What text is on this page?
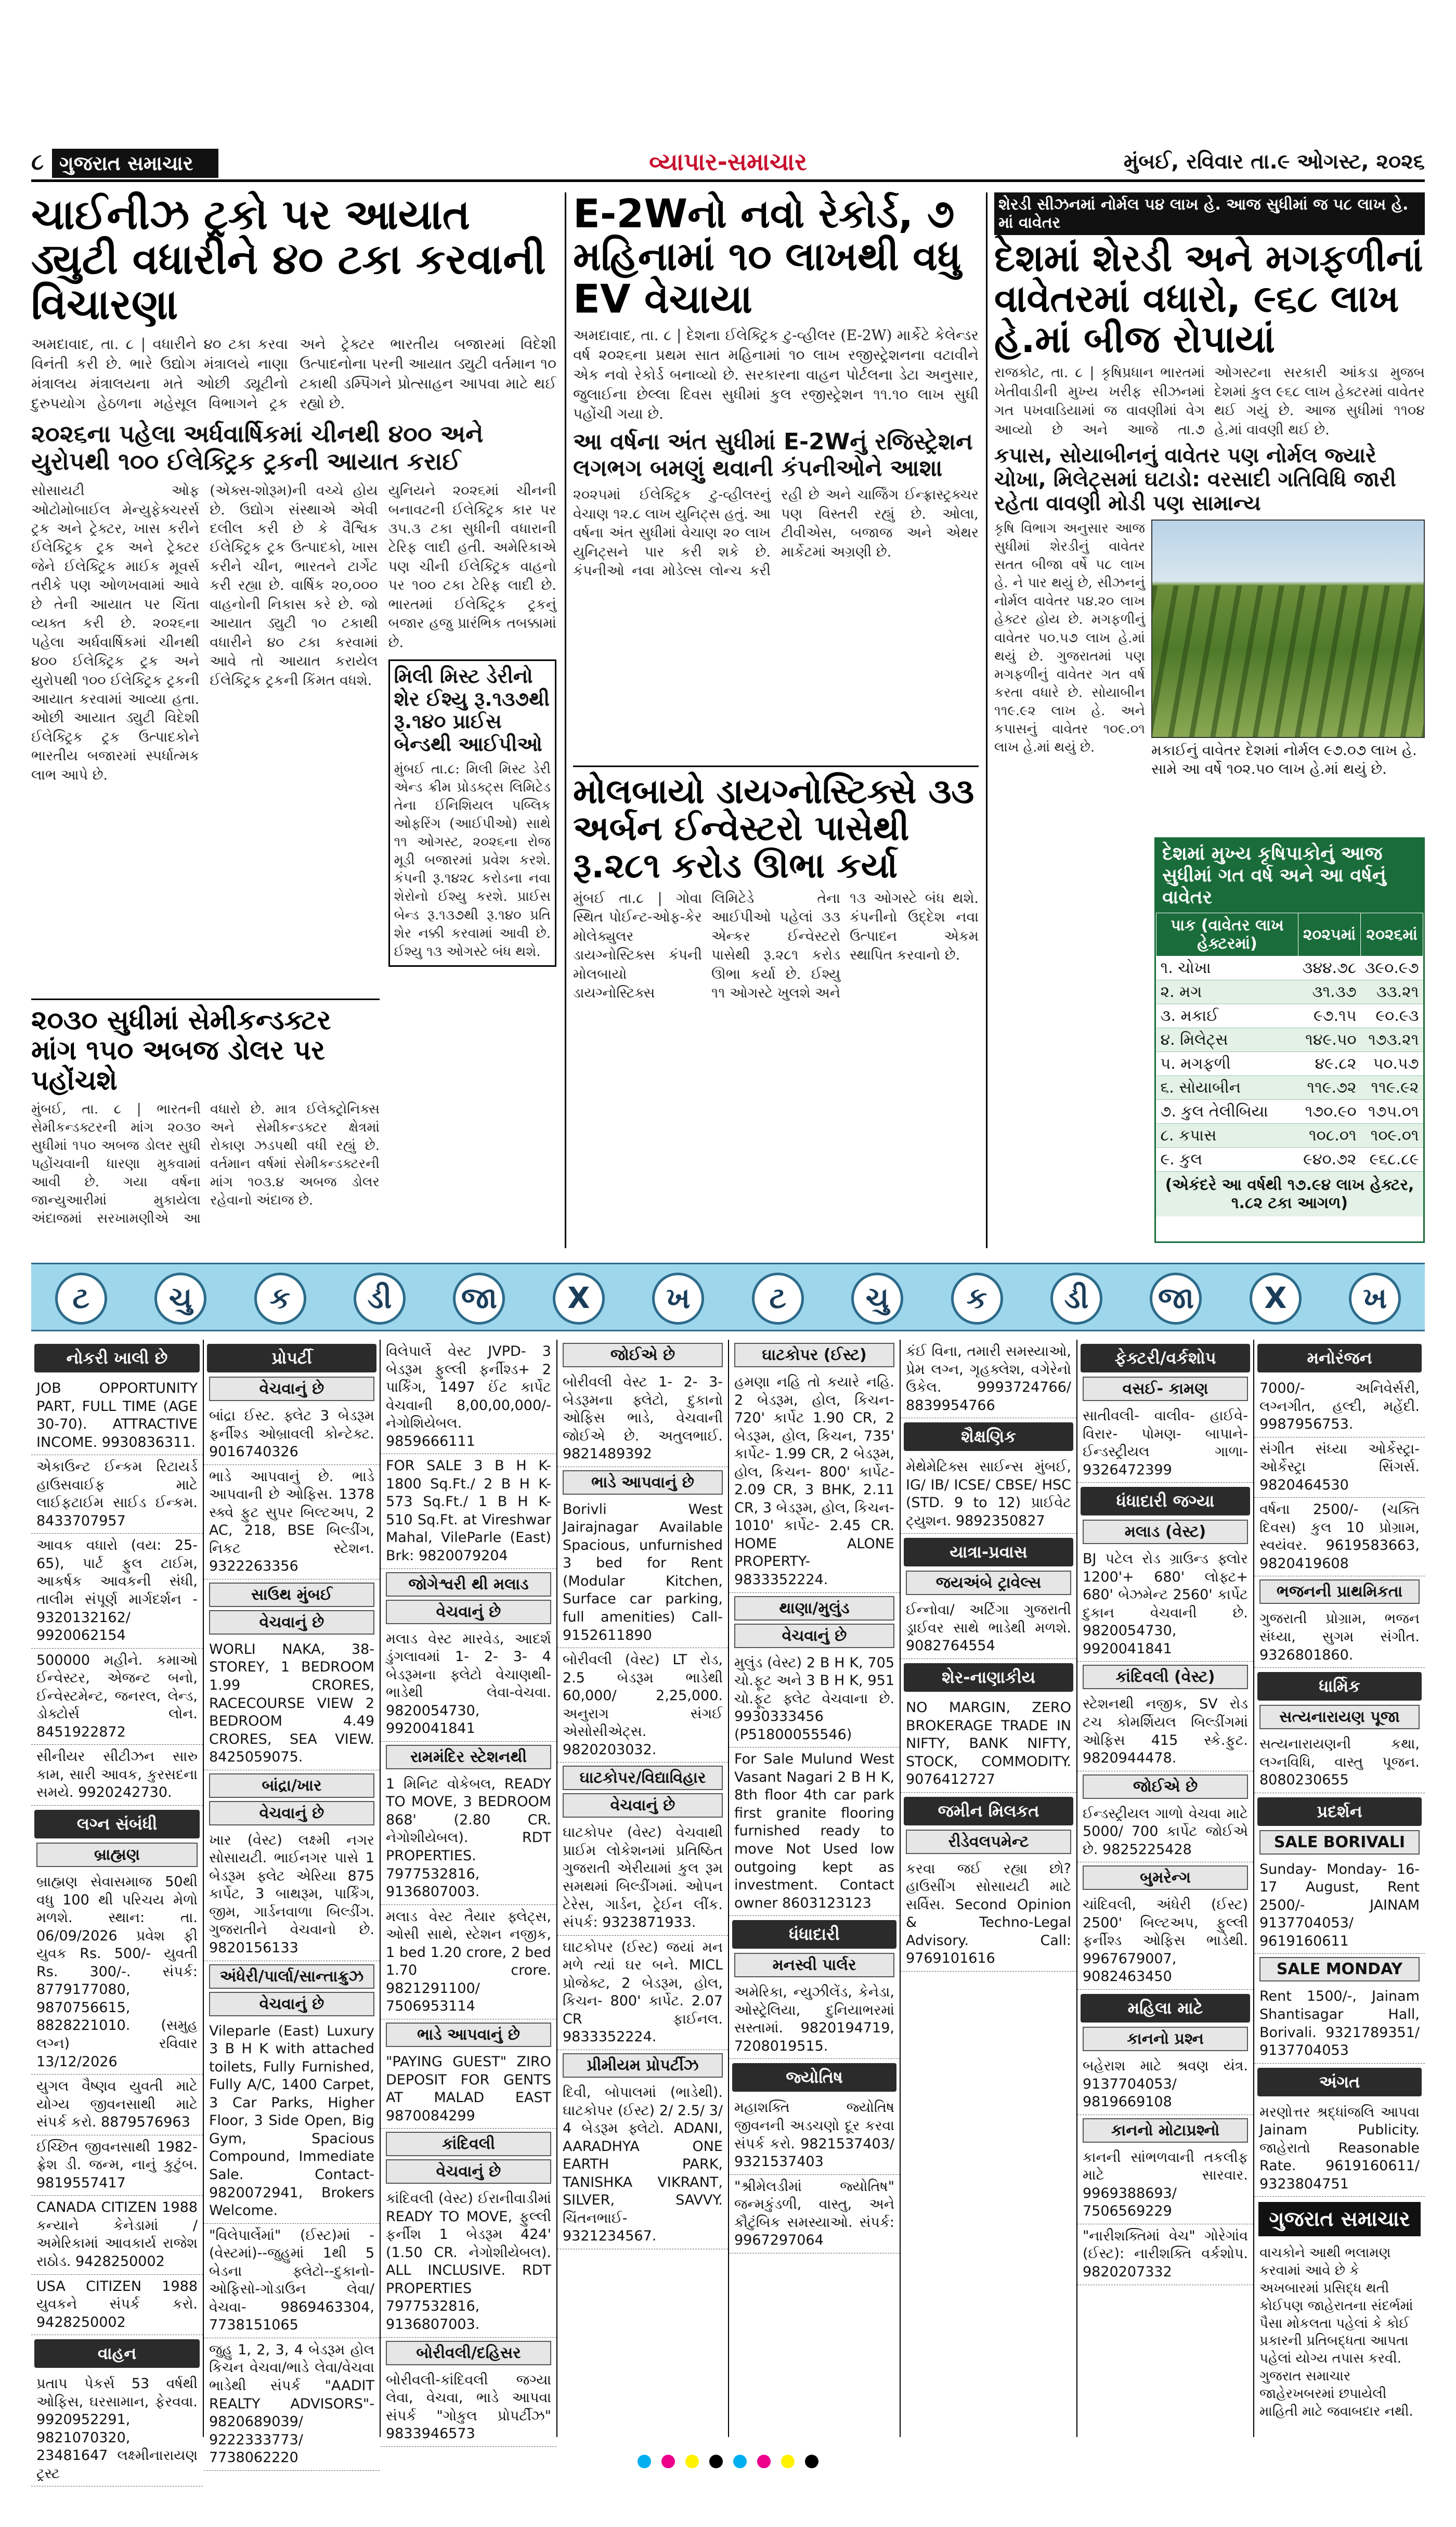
૮ ગુજરાત સમાચાર	વ્યાપાર-સમાચાર	મુંબઈ, રવિવાર તા.૯ ઓગસ્ટ, ૨૦૨૬
ચાઈનીઝ ટ્રકો પર આયાત ડ્યુટી વધારીને ૪૦ ટકા કરવાની વિચારણા
અમદાવાદ, તા. ૮ | વધારીને ૪૦ ટકા કરવા વિનંતી કરી છે. ભારે ઉદ્યોગ મંત્રાલયે નાણા મંત્રાલય મંત્રાલયના મતે ઓછી ડ્યૂટીનો દુરુપયોગ હેઠળના મહેસૂલ વિભાગને ટ્રક અને ટ્રેક્ટર ભારતીય બજારમાં વિદેશી ઉત્પાદનોના પરની આયાત ડ્યુટી વર્તમાન ૧૦ ટકાથી ડમ્પિંગને પ્રોત્સાહન આપવા માટે થઈ રહ્યો છે.
૨૦૨૬ના પહેલા અર્ધવાર્ષિકમાં ચીનથી ૪૦૦ અને યુરોપથી ૧૦૦ ઈલેક્ટ્રિક ટ્રકની આયાત કરાઈ
સોસાયટી ઓફ ઓટોમોબાઈલ મેન્યુફેક્ચરર્સ ટ્રક અને ટ્રેક્ટર, ખાસ કરીને ઈલેક્ટ્રિક ટ્રક અને ટ્રેક્ટર જેને ઈલેક્ટ્રિક માઈક મૂવર્સ તરીકે પણ ઓળખવામાં આવે છે તેની આયાત પર ચિંતા વ્યક્ત કરી છે. ૨૦૨૬ના પહેલા અર્ધવાર્ષિકમાં ચીનથી ૪૦૦ ઈલેક્ટ્રિક ટ્રક અને યુરોપથી ૧૦૦ ઈલેક્ટ્રિક ટ્રકની આયાત કરવામાં આવ્યા હતા. ઓછી આયાત ડ્યુટી વિદેશી ઈલેક્ટ્રિક ટ્રક ઉત્પાદકોને ભારતીય બજારમાં સ્પર્ધાત્મક લાભ આપે છે.
(એક્સ-શોરૂમ)ની વચ્ચે હોય છે. ઉદ્યોગ સંસ્થાએ એવી દલીલ કરી છે કે વૈશ્વિક ઈલેક્ટ્રિક ટ્રક ઉત્પાદકો, ખાસ કરીને ચીન, ભારતને ટાર્ગેટ કરી રહ્યા છે. વાર્ષિક ૨૦,૦૦૦ વાહનોની નિકાસ કરે છે. જો આયાત ડ્યુટી ૧૦ ટકાથી વધારીને ૪૦ ટકા કરવામાં આવે તો આયાત કરાયેલ ઈલેક્ટ્રિક ટ્રકની કિંમત વધશે.
યુનિયને ૨૦૨૬માં ચીનની બનાવટની ઈલેક્ટ્રિક કાર પર ૩૫.૩ ટકા સુધીની વધારાની ટેરિફ લાદી હતી. અમેરિકાએ પણ ચીની ઈલેક્ટ્રિક વાહનો પર ૧૦૦ ટકા ટેરિફ લાદી છે. ભારતમાં ઈલેક્ટ્રિક ટ્રકનું બજાર હજુ પ્રારંભિક તબક્કામાં છે.
મિલી મિસ્ટ ડેરીનો શેર ઈશ્યુ રૂ.૧૩૭થી રૂ.૧૪૦ પ્રાઈસ બેન્ડથી આઈપીઓ
મુંબઈ તા.૮: મિલી મિસ્ટ ડેરી એન્ડ ક્રીમ પ્રોડક્ટ્સ લિમિટેડ તેના ઈનિશિયલ પબ્લિક ઓફરિંગ (આઈપીઓ) સાથે ૧૧ ઓગસ્ટ, ૨૦૨૬ના રોજ મૂડી બજારમાં પ્રવેશ કરશે. કંપની રૂ.૧૪૨૮ કરોડના નવા શેરોનો ઈશ્યુ કરશે. પ્રાઈસ બેન્ડ રૂ.૧૩૭થી રૂ.૧૪૦ પ્રતિ શેર નક્કી કરવામાં આવી છે. ઈશ્યુ ૧૩ ઓગસ્ટે બંધ થશે.
૨૦૩૦ સુધીમાં સેમીકન્ડક્ટર માંગ ૧૫૦ અબજ ડોલર પર પહોંચશે
મુંબઈ, તા. ૮ | ભારતની સેમીકન્ડક્ટરની માંગ ૨૦૩૦ સુધીમાં ૧૫૦ અબજ ડોલર સુધી પહોંચવાની ધારણા મુકવામાં આવી છે. ગયા વર્ષના જાન્યુઆરીમાં મુકાયેલા અંદાજમાં સરખામણીએ આ વધારો છે. માત્ર ઈલેક્ટ્રોનિક્સ અને સેમીકન્ડક્ટર ક્ષેત્રમાં રોકાણ ઝડપથી વધી રહ્યું છે. વર્તમાન વર્ષમાં સેમીકન્ડક્ટરની માંગ ૧૦૩.૪ અબજ ડોલર રહેવાનો અંદાજ છે.
E-2Wનો નવો રેકોર્ડ, ૭ મહિનામાં ૧૦ લાખથી વધુ EV વેચાયા
અમદાવાદ, તા. ૮ | દેશના ઈલેક્ટ્રિક ટુ-વ્હીલર (E-2W) માર્કેટે કેલેન્ડર વર્ષ ૨૦૨૬ના પ્રથમ સાત મહિનામાં ૧૦ લાખ રજીસ્ટ્રેશનના વટાવીને એક નવો રેકોર્ડ બનાવ્યો છે. સરકારના વાહન પોર્ટલના ડેટા અનુસાર, જુલાઈના છેલ્લા દિવસ સુધીમાં કુલ રજીસ્ટ્રેશન ૧૧.૧૦ લાખ સુધી પહોંચી ગયા છે.
આ વર્ષના અંત સુધીમાં E-2Wનું રજિસ્ટ્રેશન લગભગ બમણું થવાની કંપનીઓને આશા
૨૦૨૫માં ઈલેક્ટ્રિક ટુ-વ્હીલરનું વેચાણ ૧૨.૮ લાખ યુનિટ્સ હતું. આ વર્ષના અંત સુધીમાં વેચાણ ૨૦ લાખ યુનિટ્સને પાર કરી શકે છે. કંપનીઓ નવા મોડેલ્સ લોન્ચ કરી રહી છે અને ચાર્જિંગ ઈન્ફ્રાસ્ટ્રક્ચર પણ વિસ્તરી રહ્યું છે. ઓલા, ટીવીએસ, બજાજ અને એથર માર્કેટમાં અગ્રણી છે.
મોલબાયો ડાયગ્નોસ્ટિક્સે ૩૩ અર્બન ઈન્વેસ્ટરો પાસેથી રૂ.૨૮૧ કરોડ ઊભા કર્યા
મુંબઈ તા.૮ | ગોવા સ્થિત પોઈન્ટ-ઓફ-કેર મોલેક્યુલર ડાયગ્નોસ્ટિક્સ કંપની મોલબાયો ડાયગ્નોસ્ટિક્સ લિમિટેડે તેના આઈપીઓ પહેલાં ૩૩ એન્કર ઈન્વેસ્ટરો પાસેથી રૂ.૨૮૧ કરોડ ઊભા કર્યા છે. ઈશ્યુ ૧૧ ઓગસ્ટે ખુલશે અને ૧૩ ઓગસ્ટે બંધ થશે. કંપનીનો ઉદ્દેશ નવા ઉત્પાદન એકમ સ્થાપિત કરવાનો છે.
શેરડી સીઝનમાં નોર્મલ ૫૪ લાખ હે. આજ સુધીમાં જ ૫૮ લાખ હે. માં વાવેતર
દેશમાં શેરડી અને મગફળીનાં વાવેતરમાં વધારો, ૯૬૮ લાખ હે.માં બીજ રોપાયાં
રાજકોટ, તા. ૮ | કૃષિપ્રધાન ભારતમાં ખેતીવાડીની મુખ્ય ખરીફ સીઝનમાં ગત પખવાડિયામાં જ વાવણીમાં વેગ આવ્યો છે અને આજે તા.૭ ઓગસ્ટના સરકારી આંકડા મુજબ દેશમાં કુલ ૯૬૮ લાખ હેક્ટરમાં વાવેતર થઈ ગયું છે. આજ સુધીમાં ૧૧૦૪ હે.માં વાવણી થઈ છે.
કપાસ, સોયાબીનનું વાવેતર પણ નોર્મલ જ્યારે ચોખા, મિલેટ્સમાં ઘટાડો: વરસાદી ગતિવિધિ જારી રહેતા વાવણી મોડી પણ સામાન્ય
કૃષિ વિભાગ અનુસાર આજ સુધીમાં શેરડીનું વાવેતર સતત બીજા વર્ષે ૫૮ લાખ હે. ને પાર થયું છે, સીઝનનું નોર્મલ વાવેતર ૫૪.૨૦ લાખ હેક્ટર હોય છે. મગફળીનું વાવેતર ૫૦.૫૭ લાખ હે.માં થયું છે. ગુજરાતમાં પણ મગફળીનું વાવેતર ગત વર્ષ કરતા વધારે છે. સોયાબીન ૧૧૯.૯૨ લાખ હે. અને કપાસનું વાવેતર ૧૦૯.૦૧ લાખ હે.માં થયું છે.	મકાઈનું વાવેતર દેશમાં નોર્મલ ૯૭.૦૭ લાખ હે. સામે આ વર્ષે ૧૦૨.૫૦ લાખ હે.માં થયું છે.
દેશમાં મુખ્ય કૃષિપાકોનું આજ સુધીમાં ગત વર્ષ અને આ વર્ષનું વાવેતર
પાક (વાવેતર લાખ હેક્ટરમાં)	૨૦૨૫માં	૨૦૨૬માં
૧. ચોખા	૩૪૪.૭૮	૩૯૦.૯૭
૨. મગ	૩૧.૩૭	૩૩.૨૧
૩. મકાઈ	૯૭.૧૫	૯૦.૯૩
૪. મિલેટ્સ	૧૪૯.૫૦	૧૭૩.૨૧
૫. મગફળી	૪૯.૮૨	૫૦.૫૭
૬. સોયાબીન	૧૧૯.૭૨	૧૧૯.૯૨
૭. કુલ તેલીબિયા	૧૭૦.૯૦	૧૭૫.૦૧
૮. કપાસ	૧૦૮.૦૧	૧૦૯.૦૧
૯. કુલ	૯૪૦.૭૨	૯૬૮.૮૯
(એકંદરે આ વર્ષથી ૧૭.૯૪ લાખ હેક્ટર, ૧.૮૨ ટકા આગળ)
ટ	ચુ	ક	ડી	જા	X	ખ	ટ	ચુ	ક	ડી	જા	X	ખ
નોકરી ખાલી છે
JOB OPPORTUNITY PART, FULL TIME (AGE 30-70). ATTRACTIVE INCOME. 9930836311.
એકાઉન્ટ ઈન્કમ રિટાયર્ડ હાઉસવાઈફ માટે લાઈફટાઈમ સાઈડ ઈન્કમ. 8433707957
આવક વધારો (વય: 25-65), પાર્ટ ફુલ ટાઈમ, આકર્ષક આવકની સંધી, તાલીમ સંપૂર્ણ માર્ગદર્શન - 9320132162/ 9920062154
500000 મહીને. કમાઓ ઈન્વેસ્ટર, એજન્ટ બનો, ઈન્વેસ્ટમેન્ટ, જનરલ, લેન્ડ, ડોક્ટોર્સ લોન. 8451922872
સીનીયર સીટીઝન સારુ કામ, સારી આવક, કુરસદના સમયે. 9920242730.
લગ્ન સંબંધી
બ્રાહ્મણ
બ્રાહ્મણ સેવાસમાજ 50થી વધુ 100 થી પરિચય મેળો મળશે. સ્થાન: તા. 06/09/2026 પ્રવેશ ફી યુવક Rs. 500/- યુવતી Rs. 300/-. સંપર્ક: 8779177080, 9870756615, 8828221010. (સમુહ લગ્ન) રવિવાર 13/12/2026
યુગલ વૈષ્ણવ યુવતી માટે યોગ્ય જીવનસાથી માટે સંપર્ક કરો. 8879576963
ઈચ્છિત જીવનસાથી 1982- ફ્રેશ ડી. જન્મ, નાનું કુટુંબ. 9819557417
CANADA CITIZEN 1988 કન્યાને કેનેડામાં / અમેરિકામાં આવકાર્ય રાજેશ રાઠોડ. 9428250002
USA CITIZEN 1988 યુવકને સંપર્ક કરો. 9428250002
વાહન
પ્રતાપ પેકર્સ 53 વર્ષથી ઓફિસ, ઘરસામાન, ફેરવવા. 9920952291, 9821070320, 23481647 લક્ષ્મીનારાયણ ટ્રસ્ટ
પ્રોપર્ટી
વેચવાનું છે
બાંદ્રા ઈસ્ટ. ફ્લેટ 3 બેડરૂમ ફર્નીશ્ડ ઓબ્રાવલી કોન્ટેક્ટ. 9016740326
ભાડે આપવાનું છે. ભાડે આપવાની છે ઓફિસ. 1378 સ્ક્વે ફુટ સુપર બિલ્ટઅપ, 2 AC, 218, BSE બિલ્ડીંગ, નિકટ સ્ટેશન. 9322263356
સાઉથ મુંબઈ
વેચવાનું છે
WORLI NAKA, 38- STOREY, 1 BEDROOM 1.99 CRORES, RACECOURSE VIEW 2 BEDROOM 4.49 CRORES, SEA VIEW. 8425059075.
બાંદ્રા/ખાર
વેચવાનું છે
ખાર (વેસ્ટ) લક્ષ્મી નગર સોસાયટી. ભાઈનગર પાસે 1 બેડરૂમ ફ્લેટ એરિયા 875 કાર્પેટ, 3 બાથરૂમ, પાર્કિંગ, જીમ, ગાર્ડનવાળા બિલ્ડીંગ. ગુજરાતીને વેચવાનો છે. 9820156133
અંધેરી/પાર્લા/સાન્તાક્રુઝ
વેચવાનું છે
Vileparle (East) Luxury 3 B H K with attached toilets, Fully Furnished, Fully A/C, 1400 Carpet, 3 Car Parks, Higher Floor, 3 Side Open, Big Gym, Spacious Compound, Immediate Sale. Contact- 9820072941, Brokers Welcome.
"વિલેપાર્લેમાં" (ઈસ્ટ)માં - (વેસ્ટમાં)--જુહુમાં 1થી 5 બેડના ફ્લેટો--દુકાનો-ઓફિસો-ગોડાઉન લેવા/વેચવા- 9869463304, 7738151065
જુહુ 1, 2, 3, 4 બેડરૂમ હોલ કિચન વેચવા/ભાડે લેવા/વેચવા ભાડેથી સંપર્ક "AADIT REALTY ADVISORS"- 9820689039/ 9222333773/ 7738062220
વિલેપાર્લે વેસ્ટ JVPD- 3 બેડરૂમ ફુલ્લી ફર્નીશ્ડ+ 2 પાર્કિંગ, 1497 ઈંટ કાર્પેટ વેચવાની 8,00,00,000/- નેગોશિયેબલ. 9859666111
FOR SALE 3 B H K- 1800 Sq.Ft./ 2 B H K- 573 Sq.Ft./ 1 B H K- 510 Sq.Ft. at Vireshwar Mahal, VileParle (East) Brk: 9820079204
જોગેશ્વરી થી મલાડ
વેચવાનું છે
મલાડ વેસ્ટ મારવેડ, આદર્શ ડુંગલાવમાં 1- 2- 3- 4 બેડરૂમના ફ્લેટો વેચાણથી-ભાડેથી લેવા-વેચવા. 9820054730, 9920041841
રામમંદિર સ્ટેશનથી
1 મિનિટ વોકેબલ, READY TO MOVE, 3 BEDROOM 868' (2.80 CR. નેગોશીયેબલ). RDT PROPERTIES. 7977532816, 9136807003.
મલાડ વેસ્ટ તૈયાર ફ્લેટ્સ, ઓસી સાથે, સ્ટેશન નજીક, 1 bed 1.20 crore, 2 bed 1.70 crore. 9821291100/ 7506953114
ભાડે આપવાનું છે
"PAYING GUEST" ZIRO DEPOSIT FOR GENTS AT MALAD EAST 9870084299
કાંદિવલી
વેચવાનું છે
કાંદિવલી (વેસ્ટ) ઈરાનીવાડીમાં READY TO MOVE, ફુલ્લી ફર્નીશ 1 બેડરૂમ 424' (1.50 CR. નેગોશીયેબલ). ALL INCLUSIVE. RDT PROPERTIES 7977532816, 9136807003.
બોરીવલી/દહિસર
બોરીવલી-કાંદિવલી જગ્યા લેવા, વેચવા, ભાડે આપવા સંપર્ક "ગોકુલ પ્રોપર્ટીઝ" 9833946573
જોઈએ છે
બોરીવલી વેસ્ટ 1- 2- 3- બેડરૂમના ફ્લેટો, દુકાનો ઓફિસ ભાડે, વેચવાની જોઈએ છે. અતુલભાઈ. 9821489392
ભાડે આપવાનું છે
Borivli West Jairajnagar Available Spacious, unfurnished 3 bed for Rent (Modular Kitchen, Surface car parking, full amenities) Call- 9152611890
બોરીવલી (વેસ્ટ) LT રોડ, 2.5 બેડરૂમ ભાડેથી 60,000/ 2,25,000. અનુરાગ સંગઈ એસોસીએટ્સ. 9820203032.
ઘાટકોપર/વિદ્યાવિહાર
વેચવાનું છે
ઘાટકોપર (વેસ્ટ) વેચવાથી પ્રાઈમ લોકેશનમાં પ્રતિષ્ઠિત ગુજરાતી એરીયામાં કુલ રૂમ સમથમાં બિલ્ડીંગમાં. ઓપન ટેરેસ, ગાર્ડન, ટ્રેઈન લીંક. સંપર્ક: 9323871933.
ઘાટકોપર (ઈસ્ટ) જયાં મન મળે ત્યાં ઘર બને. MICL પ્રોજેક્ટ, 2 બેડરૂમ, હોલ, કિચન- 800' કાર્પેટ. 2.07 CR ફાઈનલ. 9833352224.
પ્રીમીયમ પ્રોપર્ટીઝ
દિવી, બોપાલમાં (ભાડેથી). ઘાટકોપર (ઈસ્ટ) 2/ 2.5/ 3/ 4 બેડરૂમ ફ્લેટો. ADANI, AARADHYA ONE EARTH PARK, TANISHKA VIKRANT, SILVER, SAVVY. ચિંતનભાઈ- 9321234567.
ઘાટકોપર (ઈસ્ટ)
હમણા નહિ તો કયારે નહિ. 2 બેડરૂમ, હોલ, કિચન- 720' કાર્પેટ 1.90 CR, 2 બેડરૂમ, હોલ, કિચન, 735' કાર્પેટ- 1.99 CR, 2 બેડરૂમ, હોલ, કિચન- 800' કાર્પેટ- 2.09 CR, 3 BHK, 2.11 CR, 3 બેડરૂમ, હોલ, કિચન- 1010' કાર્પેટ- 2.45 CR. HOME ALONE PROPERTY- 9833352224.
થાણા/મુલુંડ
વેચવાનું છે
મુલુંડ (વેસ્ટ) 2 B H K, 705 ચો.ફૂટ અને 3 B H K, 951 ચો.ફૂટ ફ્લેટ વેચવાના છે. 9930333456 (P51800055546)
For Sale Mulund West Vasant Nagari 2 B H K, 8th floor 4th car park first granite flooring furnished ready to move Not Used low outgoing kept as investment. Contact owner 8603123123
ધંધાદારી
મનસ્વી પાર્લર
અમેરિકા, ન્યુઝીલેંડ, કેનેડા, ઓસ્ટ્રેલિયા, દુનિયાભરમાં સસ્તામાં. 9820194719, 7208019515.
જ્યોતિષ
મહાશક્તિ જ્યોતિષ જીવનની અડચણો દૂર કરવા સંપર્ક કરો. 9821537403/ 9321537403
"શ્રીમેલડીમાં જ્યોતિષ" જન્મકુંડળી, વાસ્તુ, અને કૌટુંબિક સમસ્યાઓ. સંપર્ક: 9967297064
કંઈ વિના, તમારી સમસ્યાઓ, પ્રેમ લગ્ન, ગૃહક્લેશ, વગેરેનો ઉકેલ. 9993724766/ 8839954766
શૈક્ષણિક
મેથેમેટિક્સ સાઈન્સ મુંબઈ, IG/ IB/ ICSE/ CBSE/ HSC (STD. 9 to 12) પ્રાઈવેટ ટ્યુશન. 9892350827
યાત્રા-પ્રવાસ
જયઅંબે ટ્રાવેલ્સ
ઈન્નોવા/ અર્ટિગા ગુજરાતી ડ્રાઈવર સાથે ભાડેથી મળશે. 9082764554
શેર-નાણાકીય
NO MARGIN, ZERO BROKERAGE TRADE IN NIFTY, BANK NIFTY, STOCK, COMMODITY. 9076412727
જમીન મિલકત
રીડેવલપમેન્ટ
કરવા જઈ રહ્યા છો? હાઉસીંગ સોસાયટી માટે સર્વિસ. Second Opinion & Techno-Legal Advisory. Call: 9769101616
ફેક્ટરી/વર્કશોપ
વસઈ- કામણ
સાતીવલી- વાલીવ- હાઈવે- વિરાર- પોમણ- બાપાને- ઈન્ડસ્ટ્રીયલ ગાળા- 9326472399
ધંધાદારી જગ્યા
મલાડ (વેસ્ટ)
BJ પટેલ રોડ ગ્રાઉન્ડ ફ્લોર 1200'+ 680' લોફ્ટ+ 680' બેઝમેન્ટ 2560' કાર્પેટ દુકાન વેચવાની છે. 9820054730, 9920041841
કાંદિવલી (વેસ્ટ)
સ્ટેશનથી નજીક, SV રોડ ટચ કોમર્શિયલ બિલ્ડીંગમાં ઓફિસ 415 સ્કે.ફુટ. 9820944478.
જોઈએ છે
ઈન્ડસ્ટ્રીયલ ગાળો વેચવા માટે 5000/ 700 કાર્પેટ જોઈએ છે. 9825225428
બુમરેન્ગ
ચાંદિવલી, અંધેરી (ઈસ્ટ) 2500' બિલ્ટઅપ, ફુલ્લી ફર્નીશ્ડ ઓફિસ ભાડેથી. 9967679007, 9082463450
મહિલા માટે
કાનનો પ્રશ્ન
બહેરાશ માટે શ્રવણ યંત્ર. 9137704053/ 9819669108
કાનનો મોટાપ્રશ્નો
કાનની સાંભળવાની તકલીફ માટે સારવાર. 9969388693/ 7506569229
"નારીશક્તિમાં વેચ" ગોરેગાંવ (ઈસ્ટ): નારીશક્તિ વર્કશોપ. 9820207332
મનોરંજન
7000/- અનિવેર્સરી, લગ્નગીત, હલ્દી, મહેંદી. 9987956753.
સંગીત સંધ્યા ઓર્કેસ્ટ્રા- ઓર્કેસ્ટ્રા સિંગર્સ. 9820464530
વર્ષના 2500/- (ચક્તિ દિવસ) કુલ 10 પ્રોગ્રામ, સ્વયંવર. 9619583663, 9820419608
ભજનની પ્રાથમિકતા
ગુજરાતી પ્રોગ્રામ, ભજન સંધ્યા, સુગમ સંગીત. 9326801860.
ધાર્મિક
સત્યનારાયણ પૂજા
સત્યનારાયણની કથા, લગ્નવિધિ, વાસ્તુ પૂજન. 8080230655
પ્રદર્શન
SALE BORIVALI
Sunday- Monday- 16- 17 August, Rent 2500/- JAINAM 9137704053/ 9619160611
SALE MONDAY
Rent 1500/-, Jainam Shantisagar Hall, Borivali. 9321789351/ 9137704053
અંગત
મરણોત્તર શ્રદ્ધાંજલિ આપવા Jainam Publicity. જાહેરાતો Reasonable Rate. 9619160611/ 9323804751
ગુજરાત સમાચાર
વાચકોને આથી ભલામણ કરવામાં આવે છે કે અખબારમાં પ્રસિદ્ધ થતી કોઈપણ જાહેરાતના સંદર્ભમાં પૈસા મોકલતા પહેલાં કે કોઈ પ્રકારની પ્રતિબદ્ધતા આપતા પહેલાં યોગ્ય તપાસ કરવી. ગુજરાત સમાચાર જાહેરખબરમાં છપાયેલી માહિતી માટે જવાબદાર નથી.
